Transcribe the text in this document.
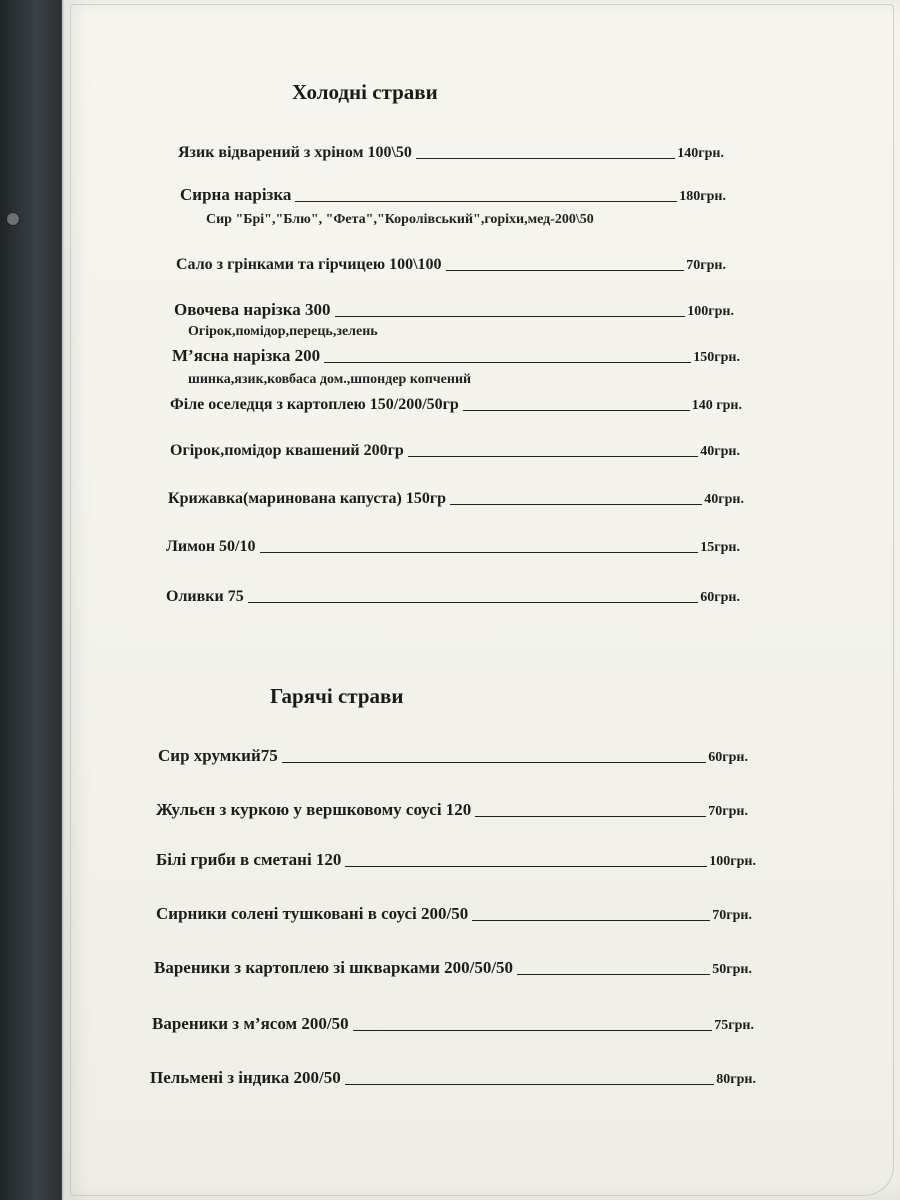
Холодні страви
Язик відварений з хріном 100\50	140грн.
Сирна нарізка	180грн.
Сир "Брі","Блю", "Фета","Королівський",горіхи,мед-200\50
Сало з грінками та гірчицею 100\100	70грн.
Овочева нарізка 300	100грн.
Огірок,помідор,перець,зелень
М’ясна нарізка 200	150грн.
шинка,язик,ковбаса дом.,шпондер копчений
Філе оселедця з картоплею 150/200/50гр	140 грн.
Огірок,помідор квашений 200гр	40грн.
Крижавка(маринована капуста) 150гр	40грн.
Лимон 50/10	15грн.
Оливки 75	60грн.
Гарячі страви
Сир хрумкий75	60грн.
Жульєн з куркою у вершковому соусі 120	70грн.
Білі гриби в сметані 120	100грн.
Сирники солені тушковані в соусі 200/50	70грн.
Вареники з картоплею зі шкварками 200/50/50	50грн.
Вареники з м’ясом 200/50	75грн.
Пельмені з індика 200/50	80грн.
